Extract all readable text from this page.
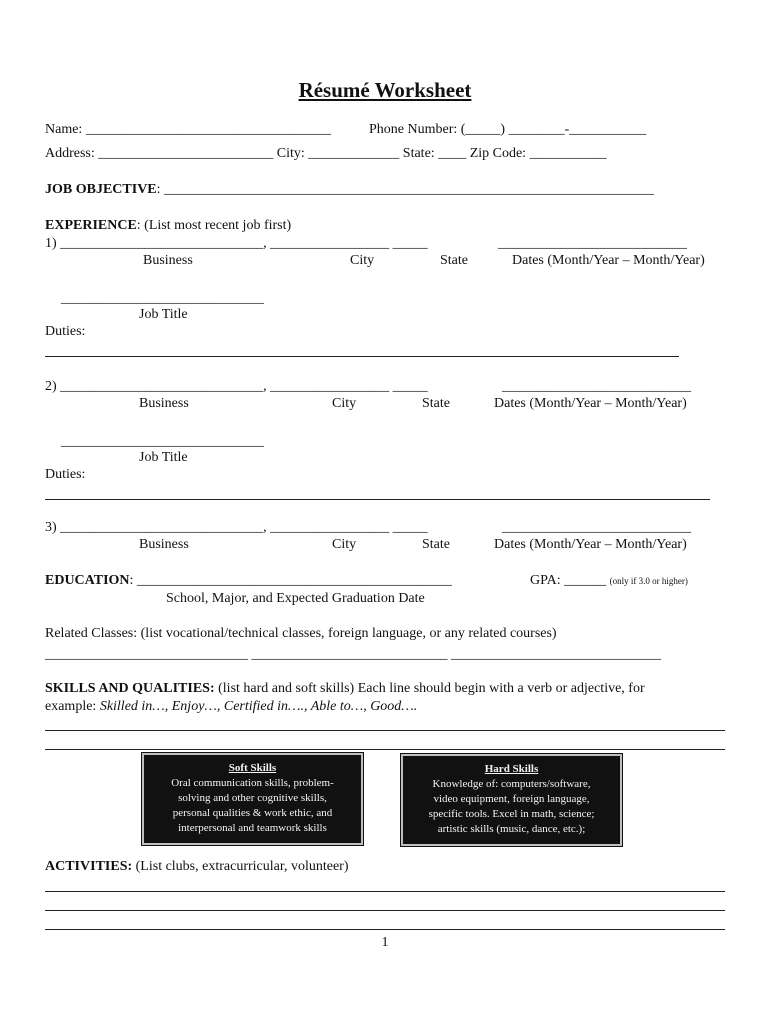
Résumé Worksheet
Name: ___________________________________	Phone Number: (_____) ________-___________
Address: _________________________ City: _____________ State: ____ Zip Code: ___________
JOB OBJECTIVE: ______________________________________________________________________
EXPERIENCE: (List most recent job first)
1) _____________________________, _________________ _____	___________________________
Business	City	State	Dates (Month/Year – Month/Year)
_____________________________
Job Title
Duties:
2) _____________________________, _________________ _____	___________________________
Business	City	State	Dates (Month/Year – Month/Year)
_____________________________
Job Title
Duties:
3) _____________________________, _________________ _____	___________________________
Business	City	State	Dates (Month/Year – Month/Year)
EDUCATION: _____________________________________________	GPA: ______ (only if 3.0 or higher)
School, Major, and Expected Graduation Date
Related Classes: (list vocational/technical classes, foreign language, or any related courses)
_____________________________ ____________________________ ______________________________
SKILLS AND QUALITIES: (list hard and soft skills) Each line should begin with a verb or adjective, for
example: Skilled in…, Enjoy…, Certified in…., Able to…, Good….
Soft Skills
Oral communication skills, problem-
solving and other cognitive skills,
personal qualities & work ethic, and
interpersonal and teamwork skills
Hard Skills
Knowledge of: computers/software,
video equipment, foreign language,
specific tools. Excel in math, science;
artistic skills (music, dance, etc.);
ACTIVITIES: (List clubs, extracurricular, volunteer)
1
